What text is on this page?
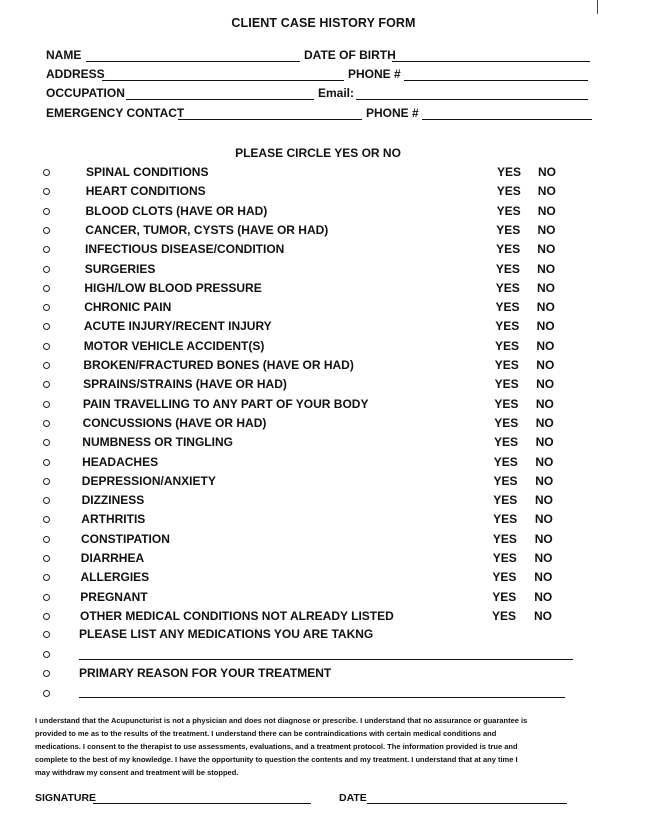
CLIENT CASE HISTORY FORM
NAME	DATE OF BIRTH
ADDRESS	PHONE #
OCCUPATION	Email:
EMERGENCY CONTACT	PHONE #
PLEASE CIRCLE YES OR NO
SPINAL CONDITIONS	YES NO
HEART CONDITIONS	YES NO
BLOOD CLOTS (HAVE OR HAD)	YES NO
CANCER, TUMOR, CYSTS (HAVE OR HAD)	YES NO
INFECTIOUS DISEASE/CONDITION	YES NO
SURGERIES	YES NO
HIGH/LOW BLOOD PRESSURE	YES NO
CHRONIC PAIN	YES NO
ACUTE INJURY/RECENT INJURY	YES NO
MOTOR VEHICLE ACCIDENT(S)	YES NO
BROKEN/FRACTURED BONES (HAVE OR HAD)	YES NO
SPRAINS/STRAINS (HAVE OR HAD)	YES NO
PAIN TRAVELLING TO ANY PART OF YOUR BODY	YES NO
CONCUSSIONS (HAVE OR HAD)	YES NO
NUMBNESS OR TINGLING	YES NO
HEADACHES	YES NO
DEPRESSION/ANXIETY	YES NO
DIZZINESS	YES NO
ARTHRITIS	YES NO
CONSTIPATION	YES NO
DIARRHEA	YES NO
ALLERGIES	YES NO
PREGNANT	YES NO
OTHER MEDICAL CONDITIONS NOT ALREADY LISTED	YES NO
PLEASE LIST ANY MEDICATIONS YOU ARE TAKNG
PRIMARY REASON FOR YOUR TREATMENT

I understand that the Acupuncturist is not a physician and does not diagnose or prescribe. I understand that no assurance or guarantee is

provided to me as to the results of the treatment. I understand there can be contraindications with certain medical conditions and

medications. I consent to the therapist to use assessments, evaluations, and a treatment protocol. The information provided is true and

complete to the best of my knowledge. I have the opportunity to question the contents and my treatment. I understand that at any time I

may withdraw my consent and treatment will be stopped.

SIGNATURE	DATE
